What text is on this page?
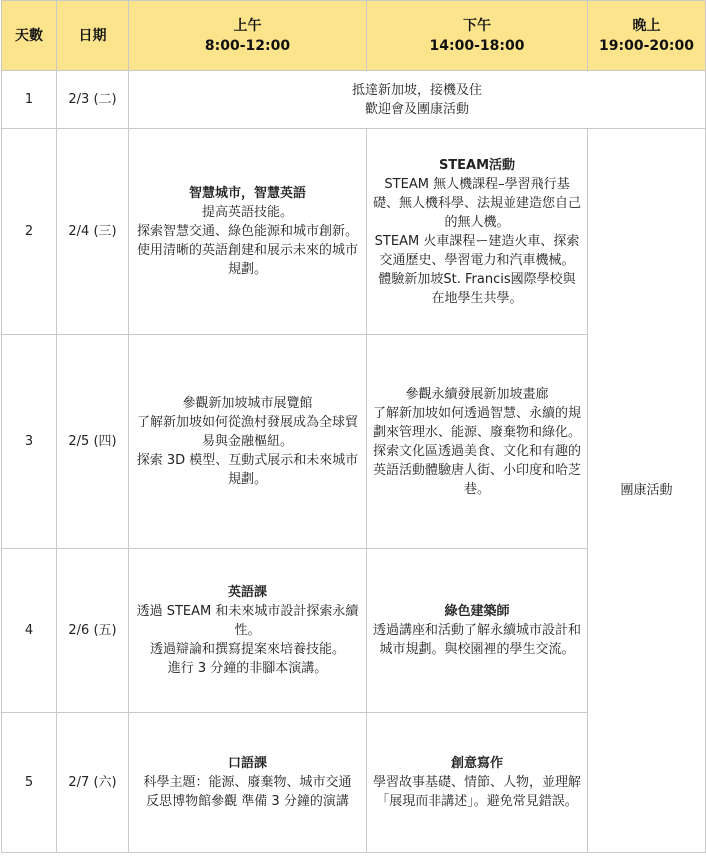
天數	日期	上午
8:00-12:00	下午
14:00-18:00	晚上
19:00-20:00

1	2/3 (二)	抵達新加坡，接機及住
歡迎會及團康活動		

2	2/4 (三)	智慧城市，智慧英語
提高英語技能。
探索智慧交通、綠色能源和城市創新。
使用清晰的英語創建和展示未來的城市規劃。	STEAM活動
STEAM 無人機課程–學習飛行基礎、無人機科學、法規並建造您自己的無人機。
STEAM 火車課程ー建造火車、探索交通歷史、學習電力和汽車機械。
體驗新加坡St. Francis國際學校與在地學生共學。	團康活動
3	2/5 (四)	參觀新加坡城市展覽館
了解新加坡如何從漁村發展成為全球貿易與金融樞紐。
探索 3D 模型、互動式展示和未來城市規劃。	參觀永續發展新加坡畫廊
了解新加坡如何透過智慧、永續的規劃來管理水、能源、廢棄物和綠化。
探索文化區透過美食、文化和有趣的英語活動體驗唐人街、小印度和哈芝巷。	

4	2/6 (五)	英語課
透過 STEAM 和未來城市設計探索永續性。
透過辯論和撰寫提案來培養技能。
進行 3 分鐘的非腳本演講。	綠色建築師
透過講座和活動了解永續城市設計和城市規劃。與校園裡的學生交流。	

5	2/7 (六)	口語課
科學主題：能源、廢棄物、城市交通 反思博物館參觀 準備 3 分鐘的演講	創意寫作
學習故事基礎、情節、人物，並理解「展現而非講述」。避免常見錯誤。	
